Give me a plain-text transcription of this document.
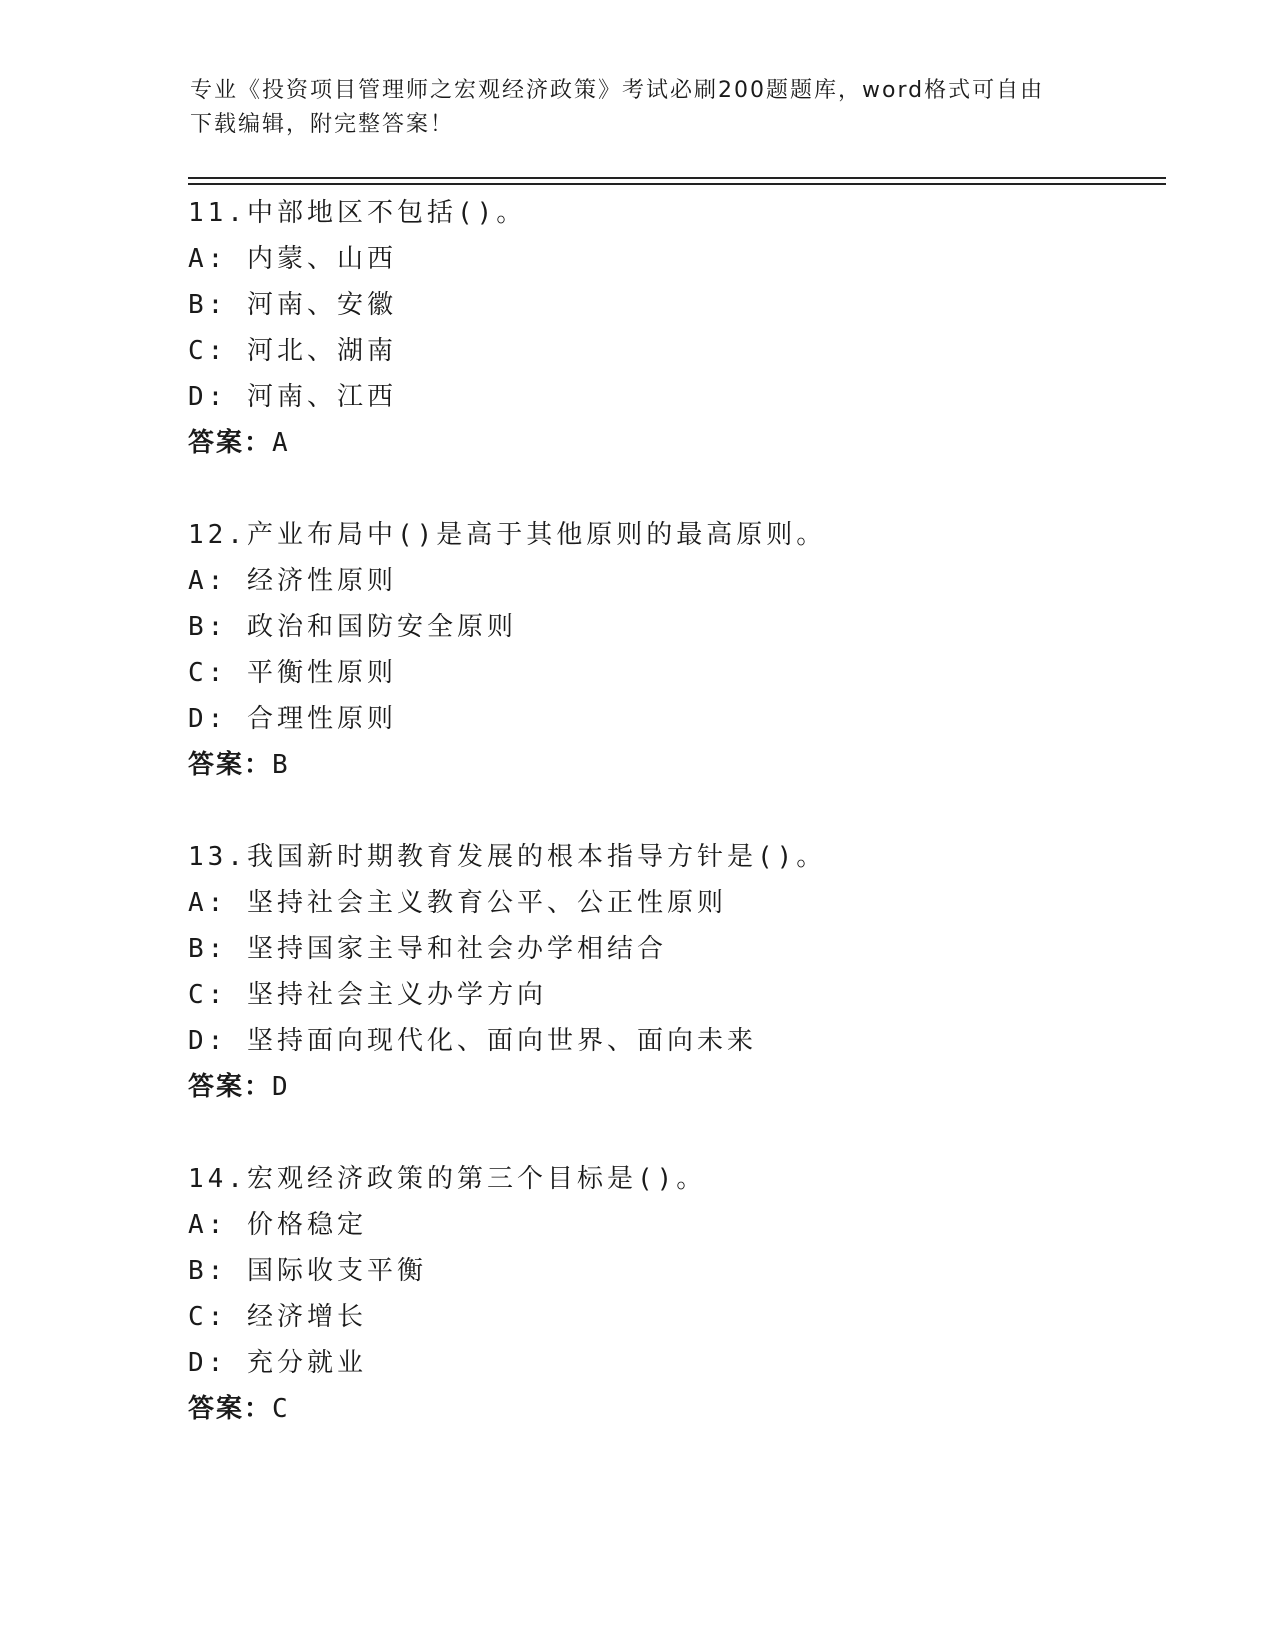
专业《投资项目管理师之宏观经济政策》考试必刷200题题库，word格式可自由
下载编辑，附完整答案！
11.中部地区不包括()。
A: 内蒙、山西
B: 河南、安徽
C: 河北、湖南
D: 河南、江西
答案：A
12.产业布局中()是高于其他原则的最高原则。
A: 经济性原则
B: 政治和国防安全原则
C: 平衡性原则
D: 合理性原则
答案：B
13.我国新时期教育发展的根本指导方针是()。
A: 坚持社会主义教育公平、公正性原则
B: 坚持国家主导和社会办学相结合
C: 坚持社会主义办学方向
D: 坚持面向现代化、面向世界、面向未来
答案：D
14.宏观经济政策的第三个目标是()。
A: 价格稳定
B: 国际收支平衡
C: 经济增长
D: 充分就业
答案：C
